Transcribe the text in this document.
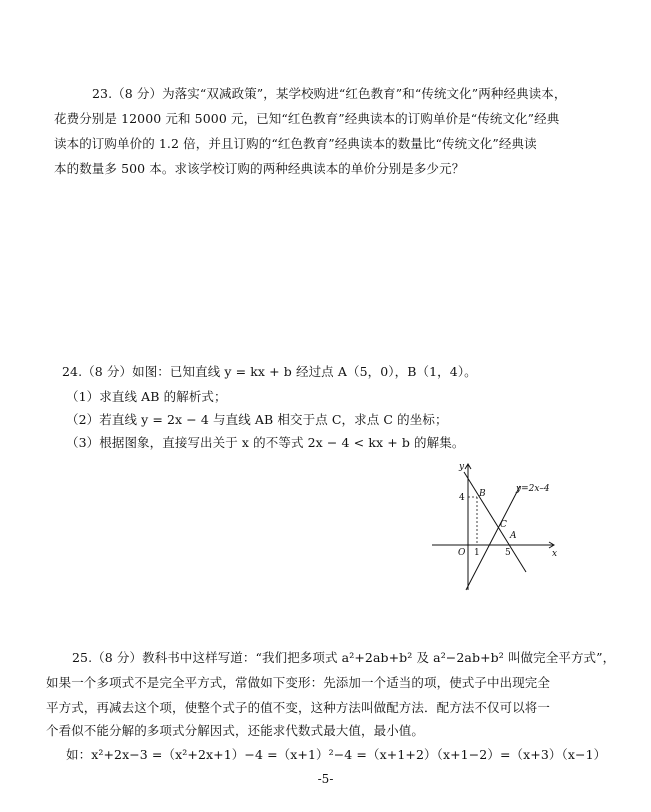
23.（8 分）为落实“双减政策”，某学校购进“红色教育”和“传统文化”两种经典读本，
花费分别是 12000 元和 5000 元，已知“红色教育”经典读本的订购单价是“传统文化”经典
读本的订购单价的 1.2 倍，并且订购的“红色教育”经典读本的数量比“传统文化”经典读
本的数量多 500 本。求该学校订购的两种经典读本的单价分别是多少元？
24.（8 分）如图：已知直线 y = kx + b 经过点 A（5，0），B（1，4）。
（1）求直线 AB 的解析式；
（2）若直线 y = 2x − 4 与直线 AB 相交于点 C，求点 C 的坐标；
（3）根据图象，直接写出关于 x 的不等式 2x − 4 < kx + b 的解集。
y
x
O 1	5
4 B
C
A
y=2x–4
25.（8 分）教科书中这样写道：“我们把多项式 a²+2ab+b² 及 a²−2ab+b² 叫做完全平方式”，
如果一个多项式不是完全平方式，常做如下变形：先添加一个适当的项，使式子中出现完全
平方式，再减去这个项，使整个式子的值不变，这种方法叫做配方法．配方法不仅可以将一
个看似不能分解的多项式分解因式，还能求代数式最大值，最小值。
如：x²+2x−3 =（x²+2x+1）−4 =（x+1）²−4 =（x+1+2）（x+1−2）=（x+3）（x−1）
-5-
